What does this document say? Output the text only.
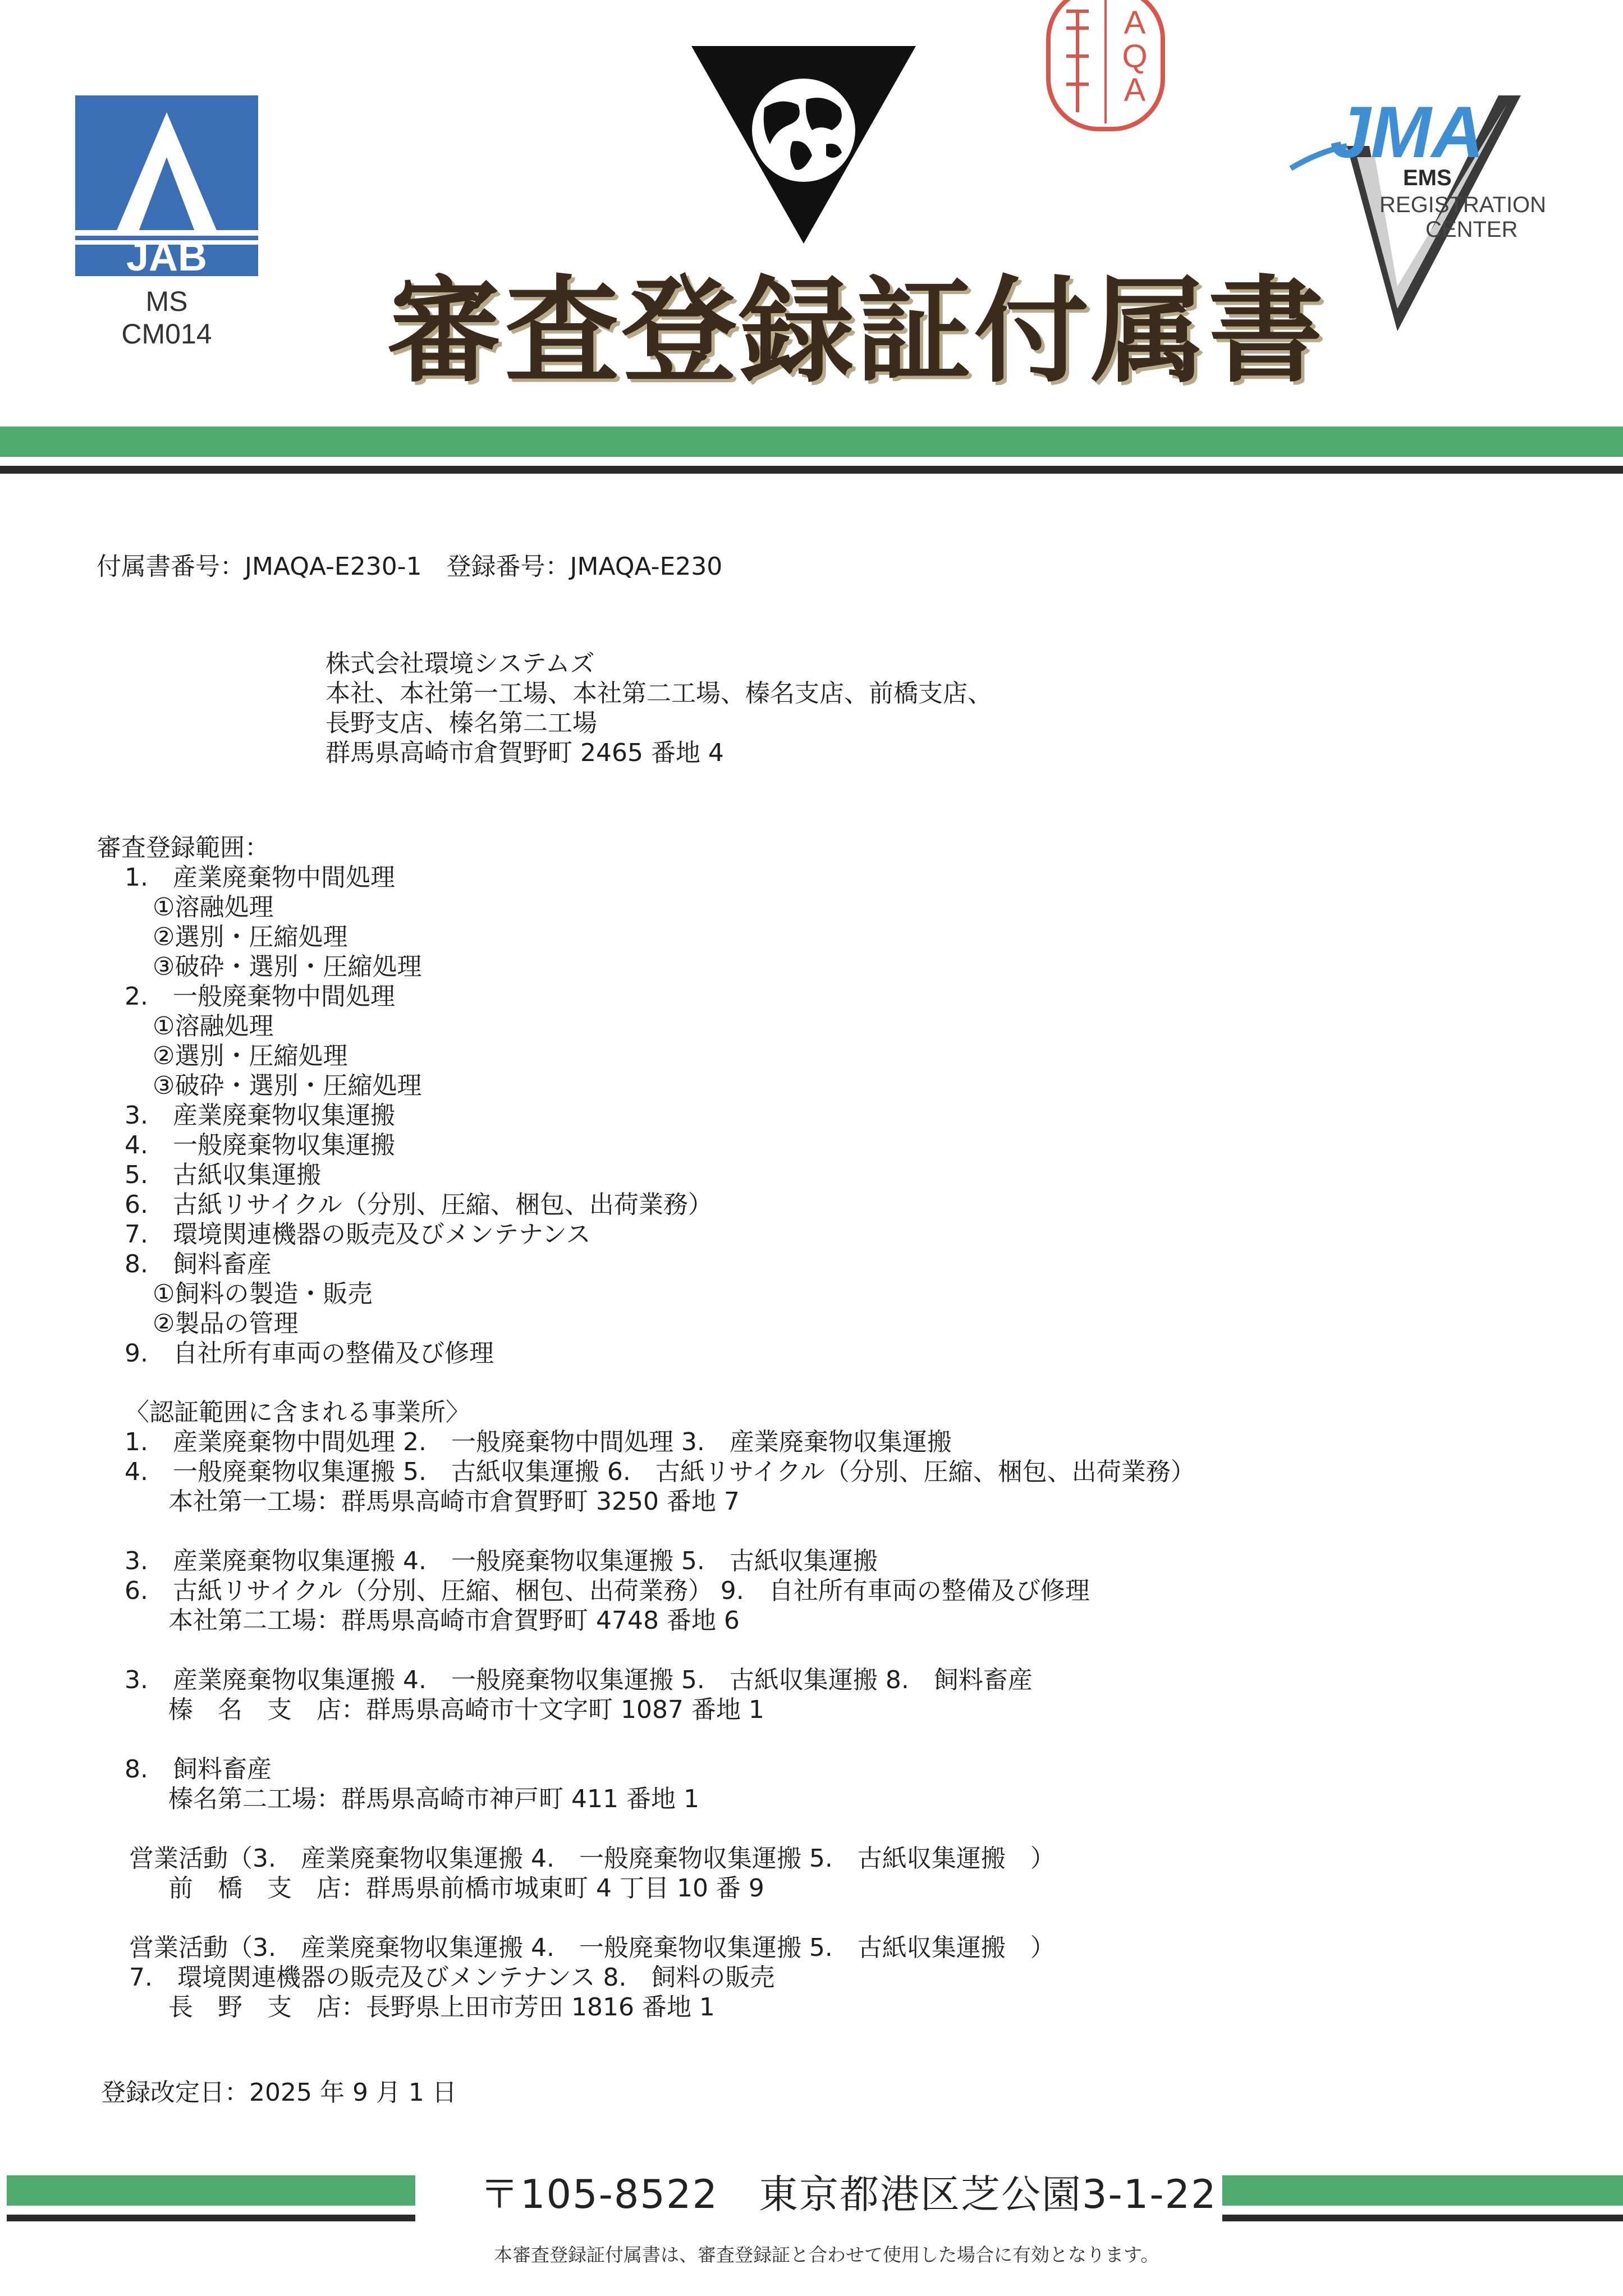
JAB
MS
CM014
A
Q
A
JMA
EMS
REGISTRATION
CENTER
審査登録証付属書
付属書番号：JMAQA-E230-1　登録番号：JMAQA-E230
株式会社環境システムズ
本社、本社第一工場、本社第二工場、榛名支店、前橋支店、
長野支店、榛名第二工場
群馬県高崎市倉賀野町 2465 番地 4
審査登録範囲：
1.　産業廃棄物中間処理
①溶融処理
②選別・圧縮処理
③破砕・選別・圧縮処理
2.　一般廃棄物中間処理
①溶融処理
②選別・圧縮処理
③破砕・選別・圧縮処理
3.　産業廃棄物収集運搬
4.　一般廃棄物収集運搬
5.　古紙収集運搬
6.　古紙リサイクル（分別、圧縮、梱包、出荷業務）
7.　環境関連機器の販売及びメンテナンス
8.　飼料畜産
①飼料の製造・販売
②製品の管理
9.　自社所有車両の整備及び修理
〈認証範囲に含まれる事業所〉
1.　産業廃棄物中間処理 2.　一般廃棄物中間処理 3.　産業廃棄物収集運搬
4.　一般廃棄物収集運搬 5.　古紙収集運搬 6.　古紙リサイクル（分別、圧縮、梱包、出荷業務）
本社第一工場：群馬県高崎市倉賀野町 3250 番地 7
3.　産業廃棄物収集運搬 4.　一般廃棄物収集運搬 5.　古紙収集運搬
6.　古紙リサイクル（分別、圧縮、梱包、出荷業務） 9.　自社所有車両の整備及び修理
本社第二工場：群馬県高崎市倉賀野町 4748 番地 6
3.　産業廃棄物収集運搬 4.　一般廃棄物収集運搬 5.　古紙収集運搬 8.　飼料畜産
榛　名　支　店：群馬県高崎市十文字町 1087 番地 1
8.　飼料畜産
榛名第二工場：群馬県高崎市神戸町 411 番地 1
営業活動（3.　産業廃棄物収集運搬 4.　一般廃棄物収集運搬 5.　古紙収集運搬　）
前　橋　支　店：群馬県前橋市城東町 4 丁目 10 番 9
営業活動（3.　産業廃棄物収集運搬 4.　一般廃棄物収集運搬 5.　古紙収集運搬　）
7.　環境関連機器の販売及びメンテナンス 8.　飼料の販売
長　野　支　店：長野県上田市芳田 1816 番地 1
登録改定日：2025 年 9 月 1 日
〒105-8522　東京都港区芝公園3-1-22
本審査登録証付属書は、審査登録証と合わせて使用した場合に有効となります。
